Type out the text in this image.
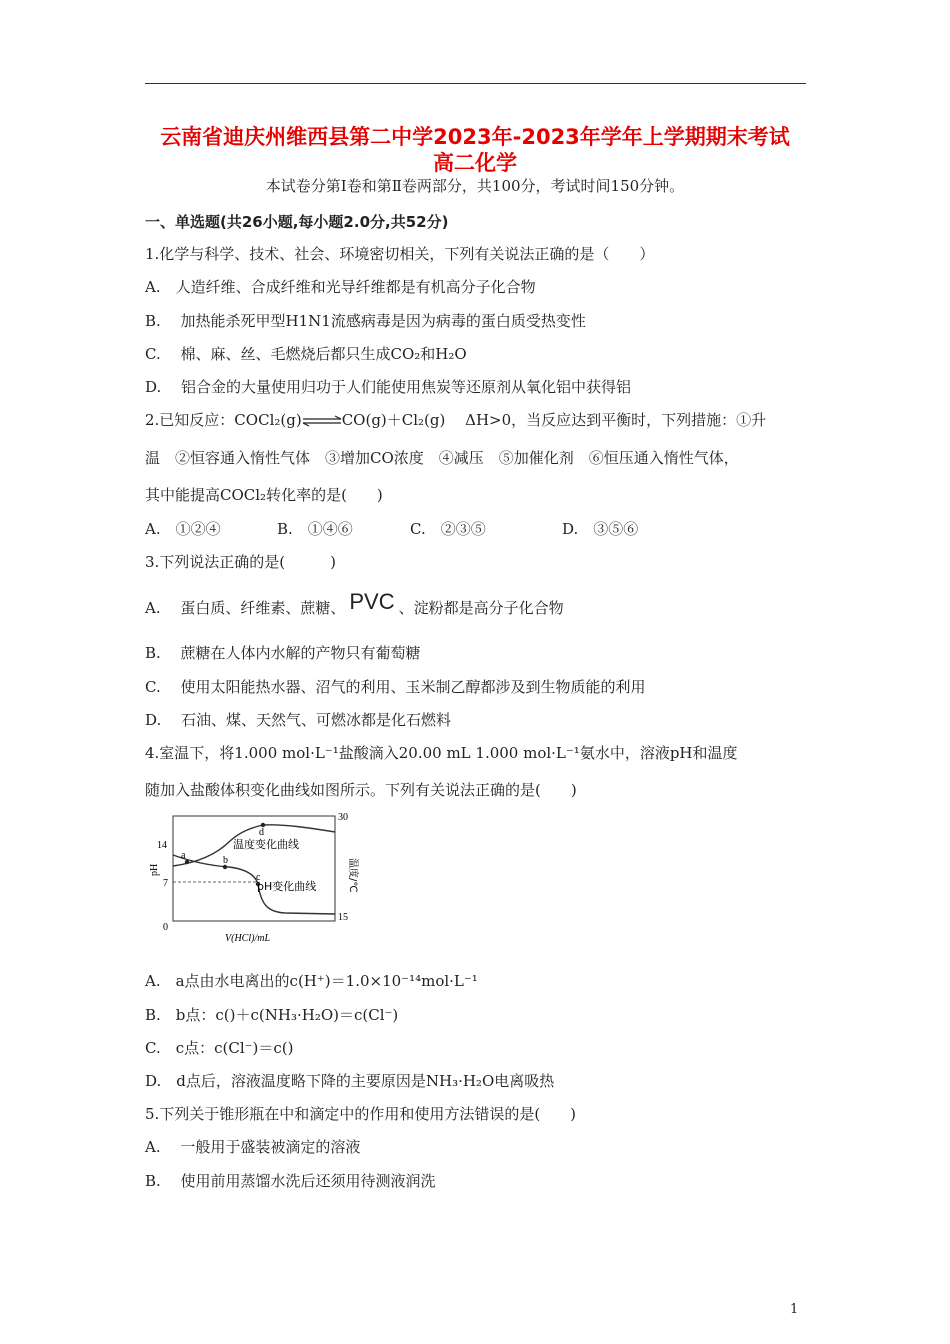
云南省迪庆州维西县第二中学2023年-2023年学年上学期期末考试
高二化学
本试卷分第Ⅰ卷和第Ⅱ卷两部分，共100分，考试时间150分钟。
一、单选题(共26小题,每小题2.0分,共52分)
1.化学与科学、技术、社会、环境密切相关，下列有关说法正确的是（　　）
A.　人造纤维、合成纤维和光导纤维都是有机高分子化合物
B.　 加热能杀死甲型H1N1流感病毒是因为病毒的蛋白质受热变性
C.　 棉、麻、丝、毛燃烧后都只生成CO₂和H₂O
D.　 铝合金的大量使用归功于人们能使用焦炭等还原剂从氧化铝中获得铝
2.已知反应：COCl₂(g)⇌CO(g)＋Cl₂(g)　 ΔH>0，当反应达到平衡时，下列措施：①升
温　②恒容通入惰性气体　③增加CO浓度　④减压　⑤加催化剂　⑥恒压通入惰性气体，
其中能提高COCl₂转化率的是(　　)
A.　①②④	B.　①④⑥	C.　②③⑤	D.　③⑤⑥
3.下列说法正确的是(　　　)
A.　 蛋白质、纤维素、蔗糖、 PVC 、淀粉都是高分子化合物
B.　 蔗糖在人体内水解的产物只有葡萄糖
C.　 使用太阳能热水器、沼气的利用、玉米制乙醇都涉及到生物质能的利用
D.　 石油、煤、天然气、可燃冰都是化石燃料
4.室温下，将1.000 mol·L⁻¹盐酸滴入20.00 mL 1.000 mol·L⁻¹氨水中，溶液pH和温度
随加入盐酸体积变化曲线如图所示。下列有关说法正确的是(　　)
a	b
c
d
温度变化曲线
pH变化曲线
14
7
0
30
15
pH	温度/℃
V(HCl)/mL
A.　a点由水电离出的c(H⁺)＝1.0×10⁻¹⁴mol·L⁻¹
B.　b点：c()＋c(NH₃·H₂O)＝c(Cl⁻)
C.　c点：c(Cl⁻)＝c()
D.　d点后，溶液温度略下降的主要原因是NH₃·H₂O电离吸热
5.下列关于锥形瓶在中和滴定中的作用和使用方法错误的是(　　)
A.　 一般用于盛装被滴定的溶液
B.　 使用前用蒸馏水洗后还须用待测液润洗
1
